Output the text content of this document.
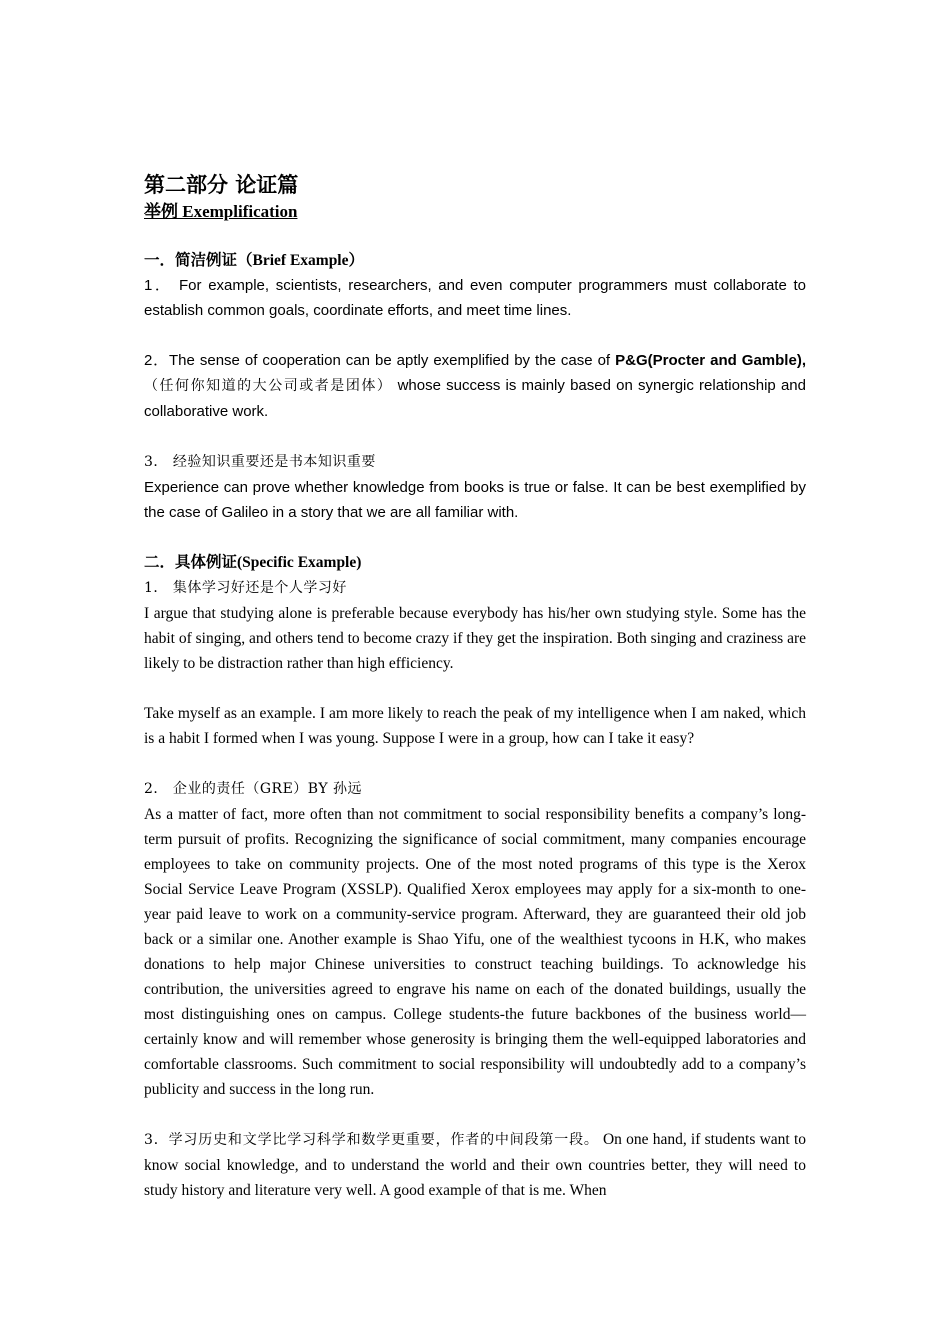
第二部分 论证篇

举例 Exemplification

一．简洁例证（Brief Example）

1． For example, scientists, researchers, and even computer programmers must collaborate to establish common goals, coordinate efforts, and meet time lines.

2．The sense of cooperation can be aptly exemplified by the case of P&G(Procter and Gamble),（任何你知道的大公司或者是团体） whose success is mainly based on synergic relationship and collaborative work.

3． 经验知识重要还是书本知识重要

Experience can prove whether knowledge from books is true or false. It can be best exemplified by the case of Galileo in a story that we are all familiar with.

二．具体例证(Specific Example)

1． 集体学习好还是个人学习好

I argue that studying alone is preferable because everybody has his/her own studying style. Some has the habit of singing, and others tend to become crazy if they get the inspiration. Both singing and craziness are likely to be distraction rather than high efficiency.

Take myself as an example. I am more likely to reach the peak of my intelligence when I am naked, which is a habit I formed when I was young. Suppose I were in a group, how can I take it easy?

2． 企业的责任（GRE）BY 孙远

As a matter of fact, more often than not commitment to social responsibility benefits a company’s long-term pursuit of profits. Recognizing the significance of social commitment, many companies encourage employees to take on community projects. One of the most noted programs of this type is the Xerox Social Service Leave Program (XSSLP). Qualified Xerox employees may apply for a six-month to one-year paid leave to work on a community-service program. Afterward, they are guaranteed their old job back or a similar one. Another example is Shao Yifu, one of the wealthiest tycoons in H.K, who makes donations to help major Chinese universities to construct teaching buildings. To acknowledge his contribution, the universities agreed to engrave his name on each of the donated buildings, usually the most distinguishing ones on campus. College students-the future backbones of the business world—certainly know and will remember whose generosity is bringing them the well-equipped laboratories and comfortable classrooms. Such commitment to social responsibility will undoubtedly add to a company’s publicity and success in the long run.

3．学习历史和文学比学习科学和数学更重要，作者的中间段第一段。 On one hand, if students want to know social knowledge, and to understand the world and their own countries better, they will need to study history and literature very well. A good example of that is me. When
